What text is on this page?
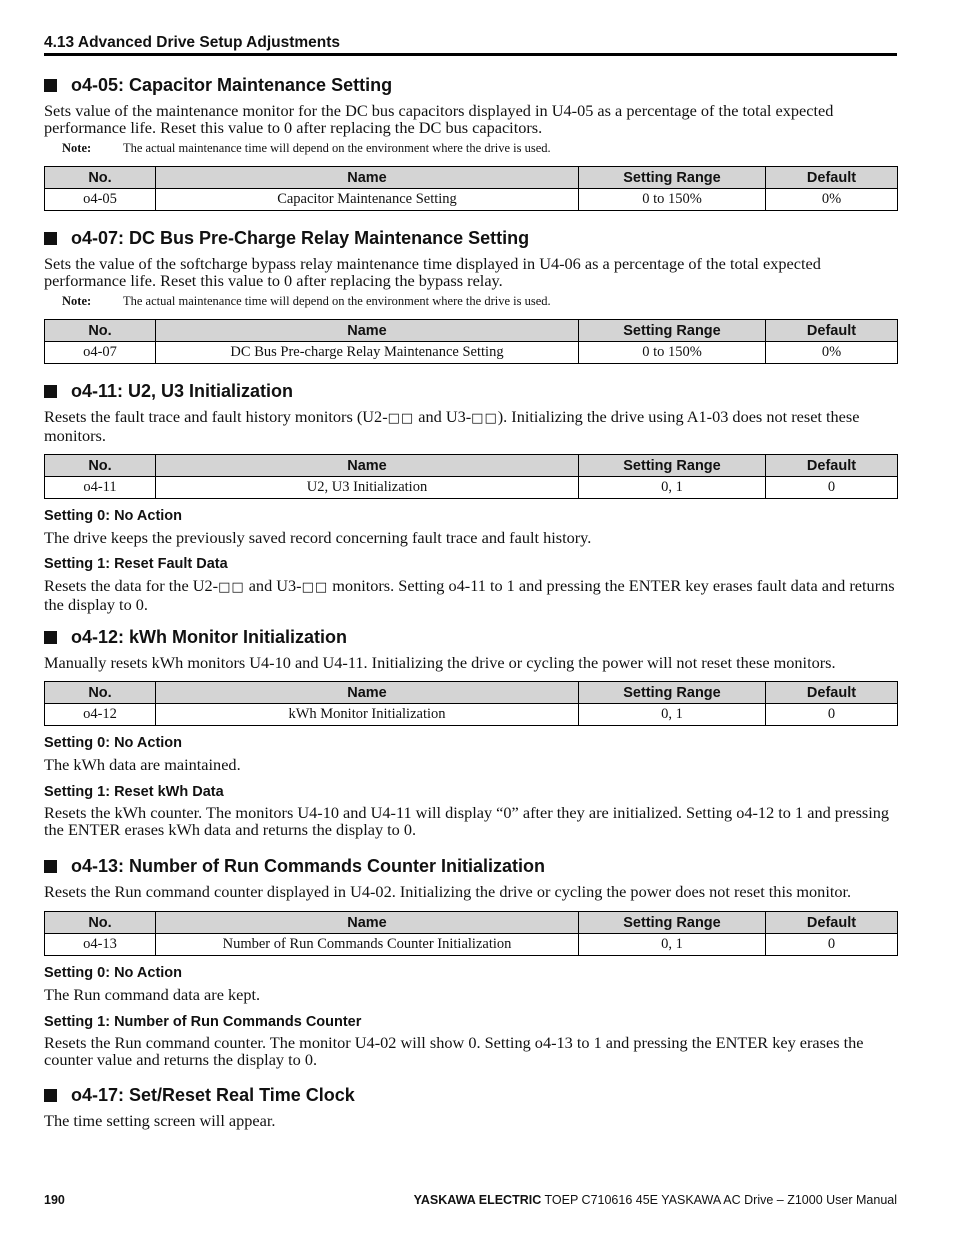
4.13 Advanced Drive Setup Adjustments
o4-05: Capacitor Maintenance Setting

Sets value of the maintenance monitor for the DC bus capacitors displayed in U4-05 as a percentage of the total expected performance life. Reset this value to 0 after replacing the DC bus capacitors.

Note:	The actual maintenance time will depend on the environment where the drive is used.
No.	Name	Setting Range	Default
o4-05	Capacitor Maintenance Setting	0 to 150%	0%
o4-07: DC Bus Pre-Charge Relay Maintenance Setting

Sets the value of the softcharge bypass relay maintenance time displayed in U4-06 as a percentage of the total expected performance life. Reset this value to 0 after replacing the bypass relay.

Note:	The actual maintenance time will depend on the environment where the drive is used.
No.	Name	Setting Range	Default
o4-07	DC Bus Pre-charge Relay Maintenance Setting	0 to 150%	0%
o4-11: U2, U3 Initialization

Resets the fault trace and fault history monitors (U2-□□ and U3-□□). Initializing the drive using A1-03 does not reset these monitors.

No.	Name	Setting Range	Default
o4-11	U2, U3 Initialization	0, 1	0
Setting 0: No Action

The drive keeps the previously saved record concerning fault trace and fault history.

Setting 1: Reset Fault Data

Resets the data for the U2-□□ and U3-□□ monitors. Setting o4-11 to 1 and pressing the ENTER key erases fault data and returns the display to 0.

o4-12: kWh Monitor Initialization

Manually resets kWh monitors U4-10 and U4-11. Initializing the drive or cycling the power will not reset these monitors.

No.	Name	Setting Range	Default
o4-12	kWh Monitor Initialization	0, 1	0
Setting 0: No Action

The kWh data are maintained.

Setting 1: Reset kWh Data

Resets the kWh counter. The monitors U4-10 and U4-11 will display “0” after they are initialized. Setting o4-12 to 1 and pressing the ENTER erases kWh data and returns the display to 0.

o4-13: Number of Run Commands Counter Initialization

Resets the Run command counter displayed in U4-02. Initializing the drive or cycling the power does not reset this monitor.

No.	Name	Setting Range	Default
o4-13	Number of Run Commands Counter Initialization	0, 1	0
Setting 0: No Action

The Run command data are kept.

Setting 1: Number of Run Commands Counter

Resets the Run command counter. The monitor U4-02 will show 0. Setting o4-13 to 1 and pressing the ENTER key erases the counter value and returns the display to 0.

o4-17: Set/Reset Real Time Clock

The time setting screen will appear.

190	YASKAWA ELECTRIC TOEP C710616 45E YASKAWA AC Drive – Z1000 User Manual
